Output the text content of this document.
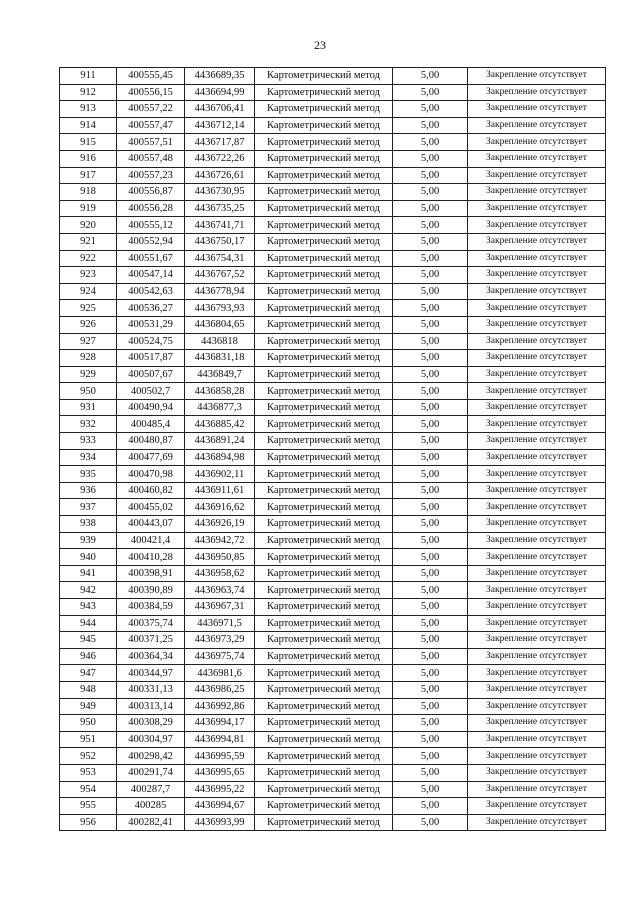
23
911	400555,45	4436689,35	Картометрический метод	5,00	Закрепление отсутствует
912	400556,15	4436694,99	Картометрический метод	5,00	Закрепление отсутствует
913	400557,22	4436706,41	Картометрический метод	5,00	Закрепление отсутствует
914	400557,47	4436712,14	Картометрический метод	5,00	Закрепление отсутствует
915	400557,51	4436717,87	Картометрический метод	5,00	Закрепление отсутствует
916	400557,48	4436722,26	Картометрический метод	5,00	Закрепление отсутствует
917	400557,23	4436726,61	Картометрический метод	5,00	Закрепление отсутствует
918	400556,87	4436730,95	Картометрический метод	5,00	Закрепление отсутствует
919	400556,28	4436735,25	Картометрический метод	5,00	Закрепление отсутствует
920	400555,12	4436741,71	Картометрический метод	5,00	Закрепление отсутствует
921	400552,94	4436750,17	Картометрический метод	5,00	Закрепление отсутствует
922	400551,67	4436754,31	Картометрический метод	5,00	Закрепление отсутствует
923	400547,14	4436767,52	Картометрический метод	5,00	Закрепление отсутствует
924	400542,63	4436778,94	Картометрический метод	5,00	Закрепление отсутствует
925	400536,27	4436793,93	Картометрический метод	5,00	Закрепление отсутствует
926	400531,29	4436804,65	Картометрический метод	5,00	Закрепление отсутствует
927	400524,75	4436818	Картометрический метод	5,00	Закрепление отсутствует
928	400517,87	4436831,18	Картометрический метод	5,00	Закрепление отсутствует
929	400507,67	4436849,7	Картометрический метод	5,00	Закрепление отсутствует
950	400502,7	4436858,28	Картометрический метод	5,00	Закрепление отсутствует
931	400490,94	4436877,3	Картометрический метод	5,00	Закрепление отсутствует
932	400485,4	4436885,42	Картометрический метод	5,00	Закрепление отсутствует
933	400480,87	4436891,24	Картометрический метод	5,00	Закрепление отсутствует
934	400477,69	4436894,98	Картометрический метод	5,00	Закрепление отсутствует
935	400470,98	4436902,11	Картометрический метод	5,00	Закрепление отсутствует
936	400460,82	4436911,61	Картометрический метод	5,00	Закрепление отсутствует
937	400455,02	4436916,62	Картометрический метод	5,00	Закрепление отсутствует
938	400443,07	4436926,19	Картометрический метод	5,00	Закрепление отсутствует
939	400421,4	4436942,72	Картометрический метод	5,00	Закрепление отсутствует
940	400410,28	4436950,85	Картометрический метод	5,00	Закрепление отсутствует
941	400398,91	4436958,62	Картометрический метод	5,00	Закрепление отсутствует
942	400390,89	4436963,74	Картометрический метод	5,00	Закрепление отсутствует
943	400384,59	4436967,31	Картометрический метод	5,00	Закрепление отсутствует
944	400375,74	4436971,5	Картометрический метод	5,00	Закрепление отсутствует
945	400371,25	4436973,29	Картометрический метод	5,00	Закрепление отсутствует
946	400364,34	4436975,74	Картометрический метод	5,00	Закрепление отсутствует
947	400344,97	4436981,6	Картометрический метод	5,00	Закрепление отсутствует
948	400331,13	4436986,25	Картометрический метод	5,00	Закрепление отсутствует
949	400313,14	4436992,86	Картометрический метод	5,00	Закрепление отсутствует
950	400308,29	4436994,17	Картометрический метод	5,00	Закрепление отсутствует
951	400304,97	4436994,81	Картометрический метод	5,00	Закрепление отсутствует
952	400298,42	4436995,59	Картометрический метод	5,00	Закрепление отсутствует
953	400291,74	4436995,65	Картометрический метод	5,00	Закрепление отсутствует
954	400287,7	4436995,22	Картометрический метод	5,00	Закрепление отсутствует
955	400285	4436994,67	Картометрический метод	5,00	Закрепление отсутствует
956	400282,41	4436993,99	Картометрический метод	5,00	Закрепление отсутствует
